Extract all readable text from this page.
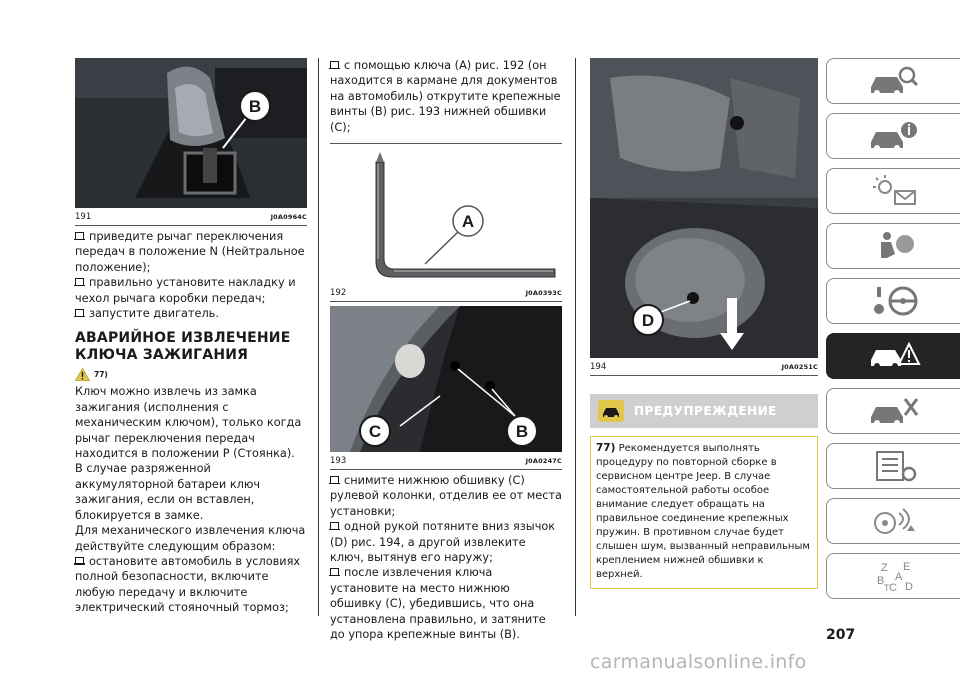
B
191	J0A0964C

приведите рычаг переключения передач в положение N (Нейтральное положение);

правильно установите накладку и чехол рычага коробки передач;

запустите двигатель.

АВАРИЙНОЕ ИЗВЛЕЧЕНИЕ КЛЮЧА ЗАЖИГАНИЯ
77)

Ключ можно извлечь из замка зажигания (исполнения с механическим ключом), только когда рычаг переключения передач находится в положении P (Стоянка).

В случае разряженной аккумуляторной батареи ключ зажигания, если он вставлен, блокируется в замке.

Для механического извлечения ключа действуйте следующим образом:

остановите автомобиль в условиях полной безопасности, включите любую передачу и включите электрический стояночный тормоз;

с помощью ключа (A) рис. 192 (он находится в кармане для документов на автомобиль) открутите крепежные винты (B) рис. 193 нижней обшивки (C);

A
192	J0A0393C
C	B
193	J0A0247C

снимите нижнюю обшивку (C) рулевой колонки, отделив ее от места установки;

одной рукой потяните вниз язычок (D) рис. 194, а другой извлеките ключ, вытянув его наружу;

после извлечения ключа установите на место нижнюю обшивку (C), убедившись, что она установлена правильно, и затяните до упора крепежные винты (B).

D
194	J0A0251C
ПРЕДУПРЕЖДЕНИЕ
77) Рекомендуется выполнять процедуру по повторной сборке в сервисном центре Jeep. В случае самостоятельной работы особое внимание следует обращать на правильное соединение крепежных пружин. В противном случае будет слышен шум, вызванный неправильным креплением нижней обшивки к верхней.
Z E
A
B
C D
T
207
carmanualsonline.info
